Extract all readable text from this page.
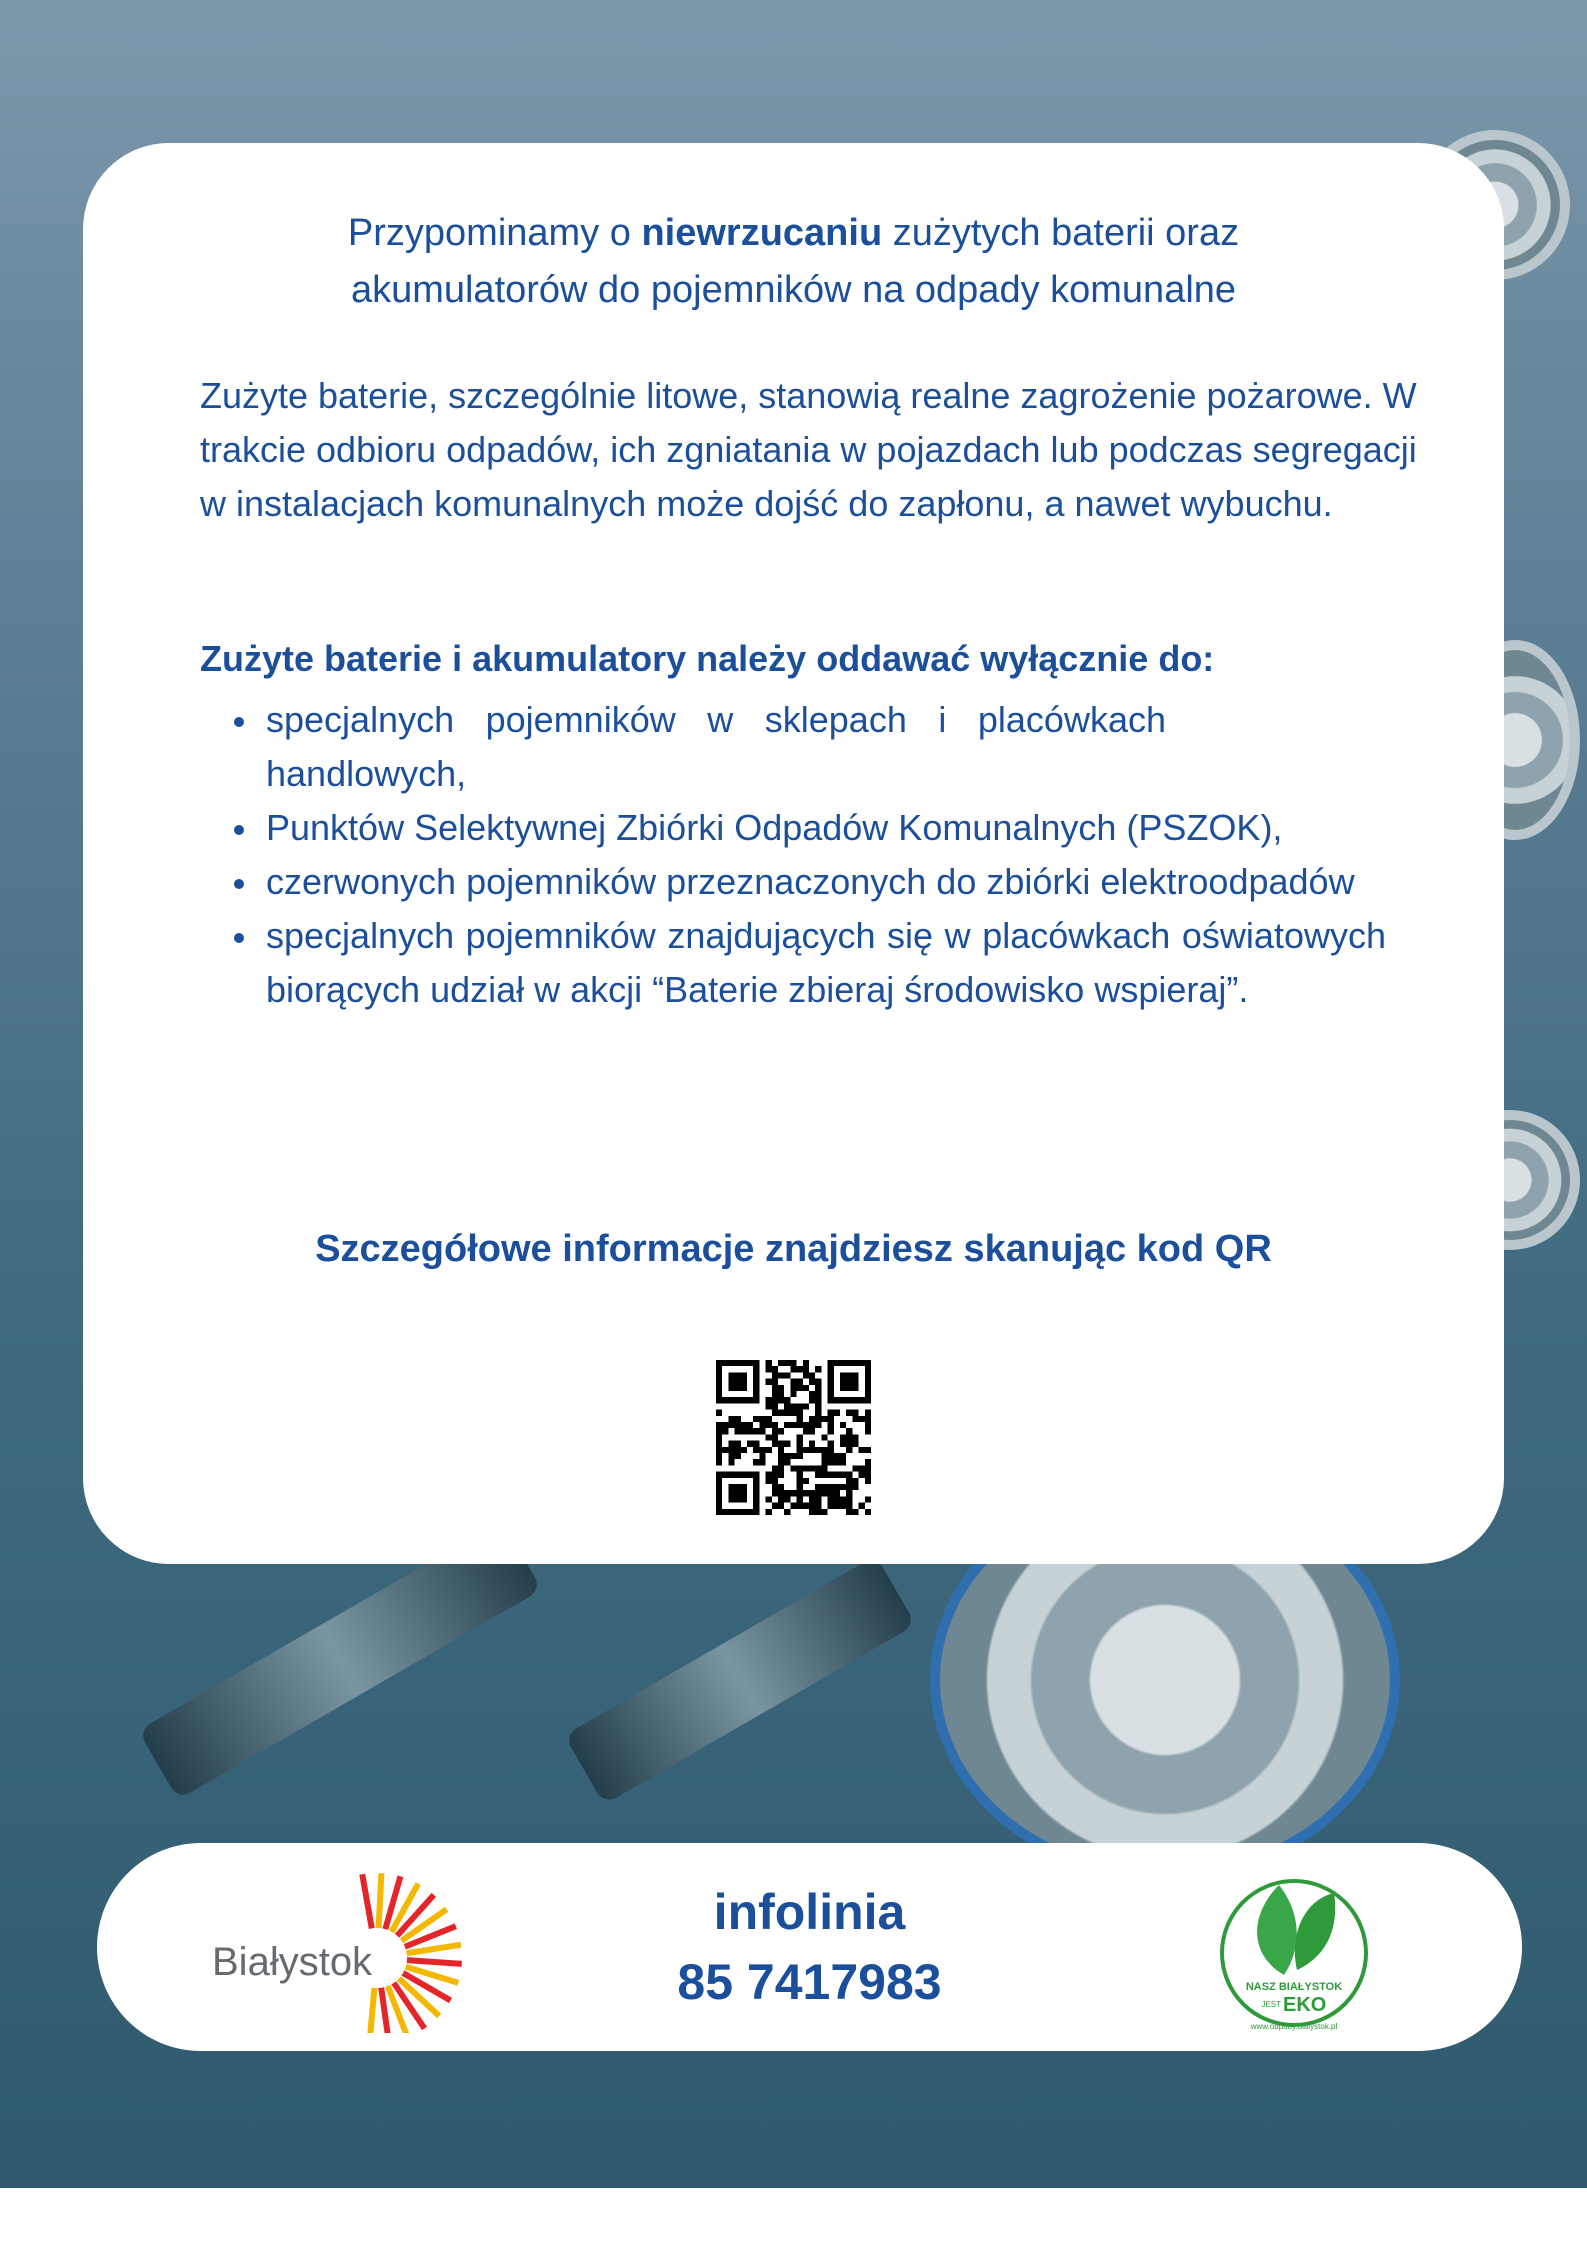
Przypominamy o niewrzucaniu zużytych baterii oraz
akumulatorów do pojemników na odpady komunalne
Zużyte baterie, szczególnie litowe, stanowią realne zagrożenie pożarowe. W trakcie odbioru odpadów, ich zgniatania w pojazdach lub podczas segregacji w instalacjach komunalnych może dojść do zapłonu, a nawet wybuchu.
Zużyte baterie i akumulatory należy oddawać wyłącznie do:
specjalnych pojemników w sklepach i placówkach handlowych,
Punktów Selektywnej Zbiórki Odpadów Komunalnych (PSZOK),
czerwonych pojemników przeznaczonych do zbiórki elektroodpadów
specjalnych pojemników znajdujących się w placówkach oświatowych biorących udział w akcji “Baterie zbieraj środowisko wspieraj”.
Szczegółowe informacje znajdziesz skanując kod QR
Białystok
infolinia
85 7417983	NASZ BIAŁYSTOK
JEST EKO
www.odpady.bialystok.pl
